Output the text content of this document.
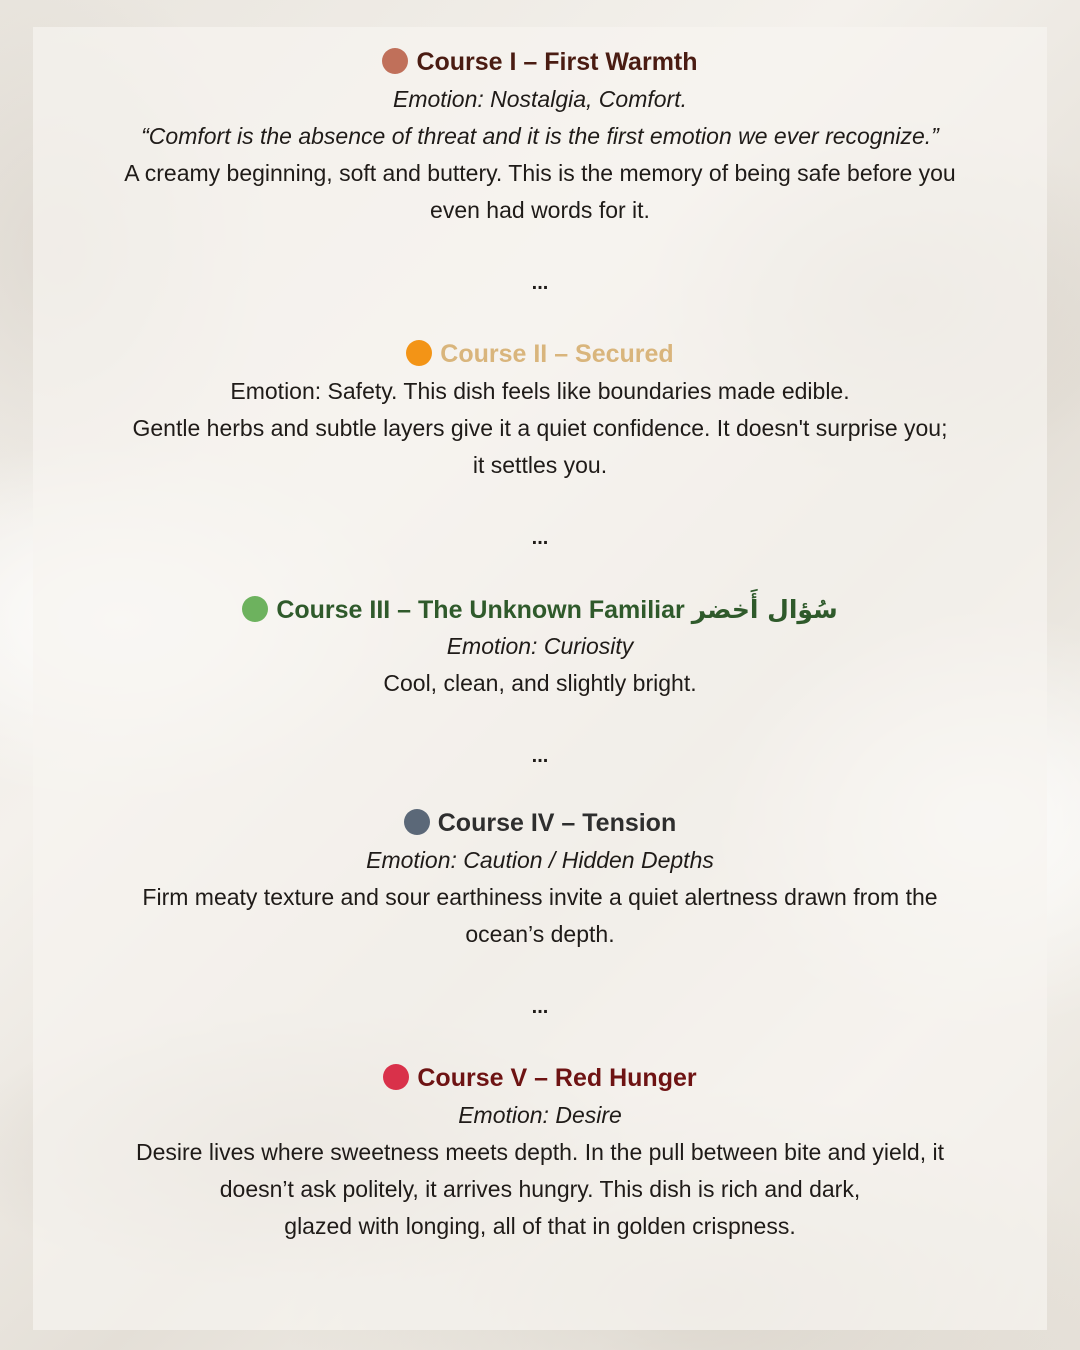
Course I – First Warmth
Emotion: Nostalgia, Comfort.
“Comfort is the absence of threat and it is the first emotion we ever recognize.”
A creamy beginning, soft and buttery. This is the memory of being safe before you
even had words for it.
...
Course II – Secured
Emotion: Safety. This dish feels like boundaries made edible.
Gentle herbs and subtle layers give it a quiet confidence. It doesn't surprise you;
it settles you.
...
Course III – The Unknown Familiar سُؤال أَخضر
Emotion: Curiosity
Cool, clean, and slightly bright.
...
Course IV – Tension
Emotion: Caution / Hidden Depths
Firm meaty texture and sour earthiness invite a quiet alertness drawn from the
ocean’s depth.
...
Course V – Red Hunger
Emotion: Desire
Desire lives where sweetness meets depth. In the pull between bite and yield, it
doesn’t ask politely, it arrives hungry. This dish is rich and dark,
glazed with longing, all of that in golden crispness.
